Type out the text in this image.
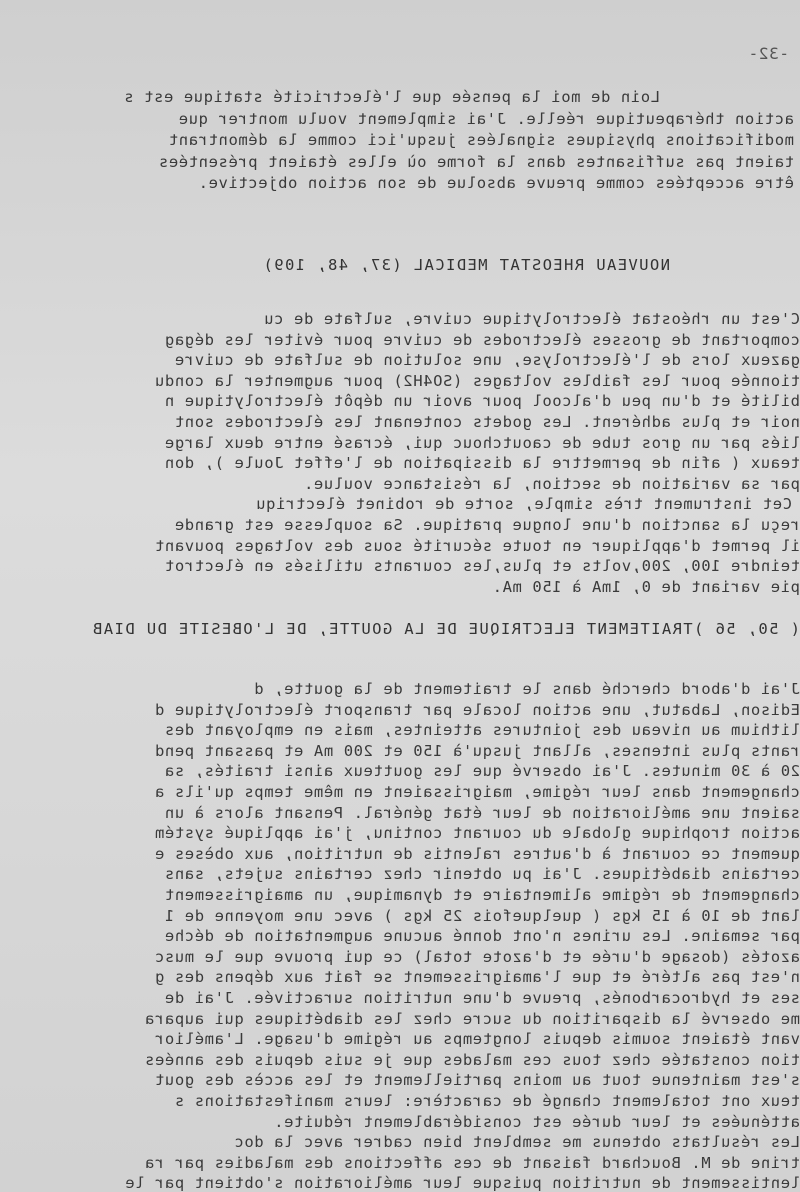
-32-
Loin de moi la pensée que l'électricité statique est s
action thérapeutique réelle. J'ai simplement voulu montrer que
modifications physiques signalées jusqu'ici comme la démontrant
taient pas suffisantes dans la forme où elles étaient présentées
être acceptées comme preuve absolue de son action objective.
NOUVEAU RHEOSTAT MEDICAL (37, 48, 109)
C'est un rhéostat électrolytique cuivre, sulfate de cu
comportant de grosses électrodes de cuivre pour éviter les dégag
gazeux lors de l'électrolyse, une solution de sulfate de cuivre
tionnée pour les faibles voltages (SO4H2) pour augmenter la condu
bilité et d'un peu d'alcool pour avoir un dépôt électrolytique n
noir et plus adhérent. Les godets contenant les électrodes sont
liés par un gros tube de caoutchouc qui, écrasé entre deux large
teaux ( afin de permettre la dissipation de l'effet Joule ), don
par sa variation de section, la résistance voulue.
Cet instrument très simple, sorte de robinet électriqu
reçu la sanction d'une longue pratique. Sa souplesse est grande
il permet d'appliquer en toute sécurité sous des voltages pouvant
teindre 100, 200,volts et plus,les courants utilisés en électrot
pie variant de 0, 1mA à 150 mA.
( 50, 56 )TRAITEMENT ELECTRIQUE DE LA GOUTTE, DE L'OBESITE DU DIAB
J'ai d'abord cherché dans le traitement de la goutte, d
Edison, Labatut, une action locale par transport électrolytique d
lithium au niveau des jointures atteintes, mais en employant des
rants plus intenses, allant jusqu'à 150 et 200 mA et passant pend
20 à 30 minutes. J'ai observé que les goutteux ainsi traités, sa
changement dans leur régime, maigrissaient en même temps qu'ils a
saient une amélioration de leur état général. Pensant alors à un
action trophique globale du courant continu, j'ai appliqué systém
quement ce courant à d'autres ralentis de nutrition, aux obèses e
certains diabétiques. J'ai pu obtenir chez certains sujets, sans
changement de régime alimentaire et dynamique, un amaigrissement
lant de 10 à 15 kgs ( quelquefois 25 kgs ) avec une moyenne de 1
par semaine. Les urines n'ont donné aucune augmentation de déche
azotés (dosage d'urée et d'azote total) ce qui prouve que le musc
n'est pas altéré et que l'amaigrissement se fait aux dépens des g
ses et hydrocarbonés, preuve d'une nutrition suractivée. J'ai de
me observé la disparition du sucre chez les diabétiques qui aupara
vant étaient soumis depuis longtemps au régime d'usage. L'amélior
tion constatée chez tous ces malades que je suis depuis des années
s'est maintenue tout au moins partiellement et les accès des gout
teux ont totalement changé de caractère: leurs manifestations s
atténuées et leur durée est considérablement réduite.
Les résultats obtenus me semblent bien cadrer avec la doc
trine de M. Bouchard faisant de ces affections des maladies par ra
lentissement de nutrition puisque leur amélioration s'obtient par le
